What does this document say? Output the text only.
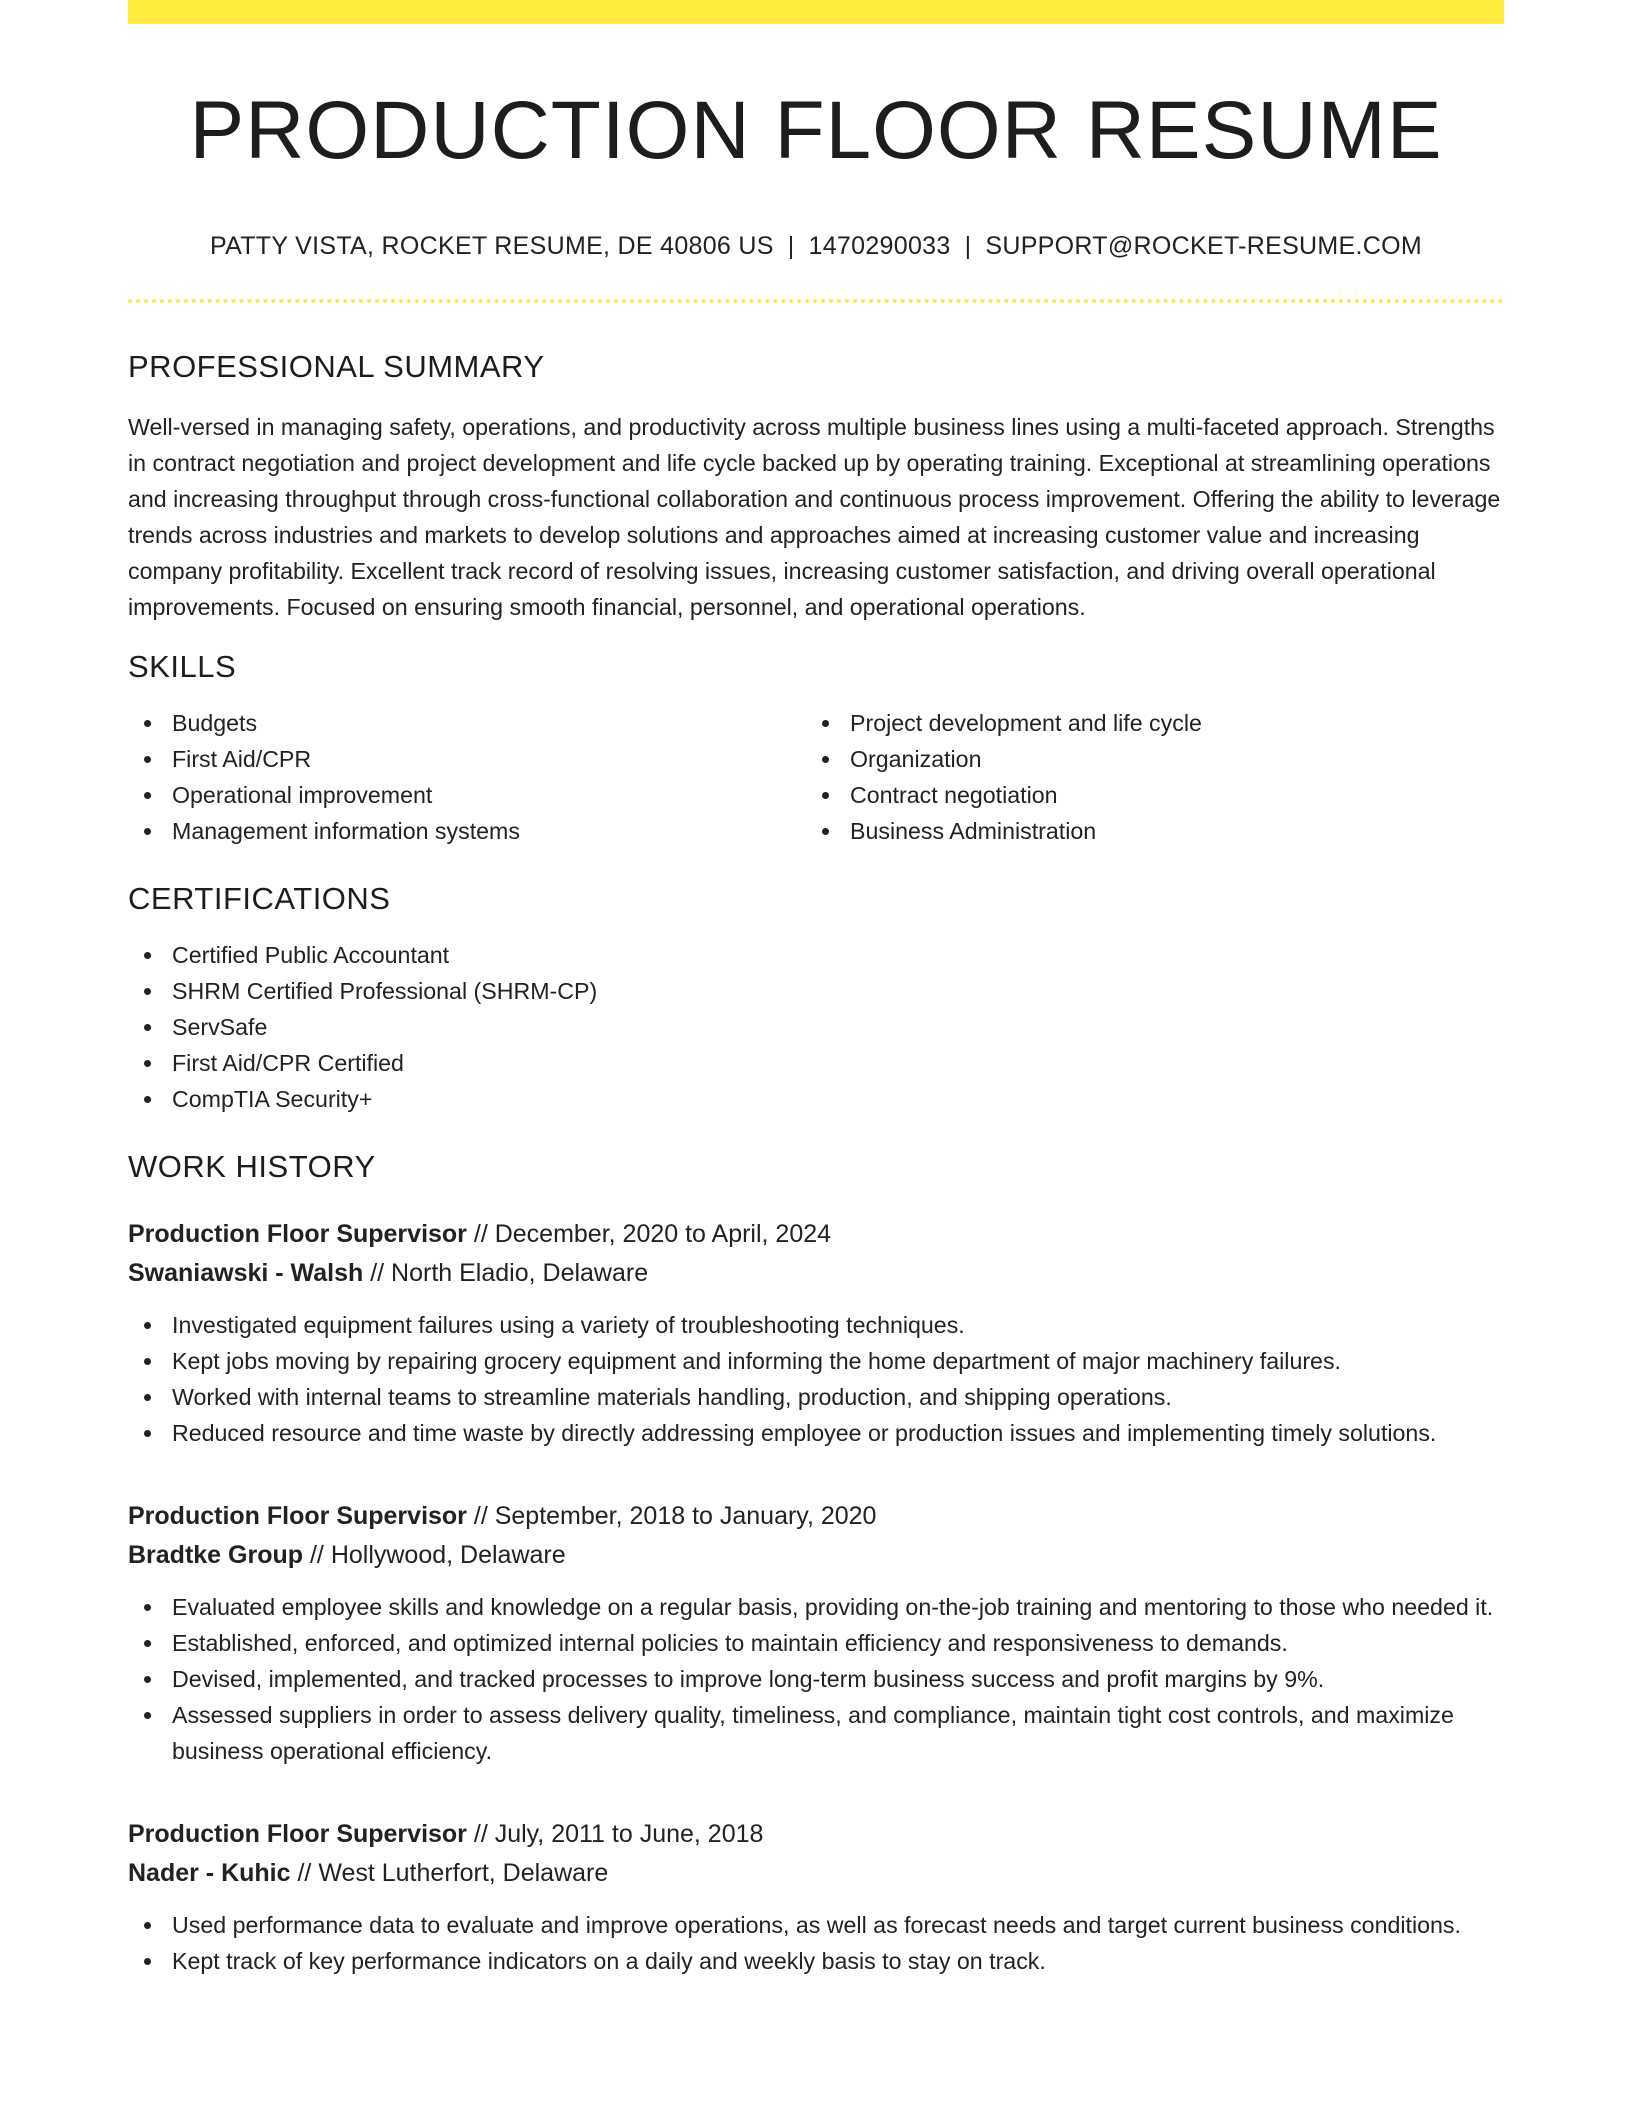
PRODUCTION FLOOR RESUME
PATTY VISTA, ROCKET RESUME, DE 40806 US | 1470290033 | SUPPORT@ROCKET-RESUME.COM
PROFESSIONAL SUMMARY

Well-versed in managing safety, operations, and productivity across multiple business lines using a multi-faceted approach. Strengths in contract negotiation and project development and life cycle backed up by operating training. Exceptional at streamlining operations and increasing throughput through cross-functional collaboration and continuous process improvement. Offering the ability to leverage trends across industries and markets to develop solutions and approaches aimed at increasing customer value and increasing company profitability. Excellent track record of resolving issues, increasing customer satisfaction, and driving overall operational improvements. Focused on ensuring smooth financial, personnel, and operational operations.

SKILLS
Budgets
First Aid/CPR
Operational improvement
Management information systems
Project development and life cycle
Organization
Contract negotiation
Business Administration
CERTIFICATIONS
Certified Public Accountant
SHRM Certified Professional (SHRM-CP)
ServSafe
First Aid/CPR Certified
CompTIA Security+
WORK HISTORY
Production Floor Supervisor // December, 2020 to April, 2024
Swaniawski - Walsh // North Eladio, Delaware
Investigated equipment failures using a variety of troubleshooting techniques.
Kept jobs moving by repairing grocery equipment and informing the home department of major machinery failures.
Worked with internal teams to streamline materials handling, production, and shipping operations.
Reduced resource and time waste by directly addressing employee or production issues and implementing timely solutions.
Production Floor Supervisor // September, 2018 to January, 2020
Bradtke Group // Hollywood, Delaware
Evaluated employee skills and knowledge on a regular basis, providing on-the-job training and mentoring to those who needed it.
Established, enforced, and optimized internal policies to maintain efficiency and responsiveness to demands.
Devised, implemented, and tracked processes to improve long-term business success and profit margins by 9%.
Assessed suppliers in order to assess delivery quality, timeliness, and compliance, maintain tight cost controls, and maximize business operational efficiency.
Production Floor Supervisor // July, 2011 to June, 2018
Nader - Kuhic // West Lutherfort, Delaware
Used performance data to evaluate and improve operations, as well as forecast needs and target current business conditions.
Kept track of key performance indicators on a daily and weekly basis to stay on track.
